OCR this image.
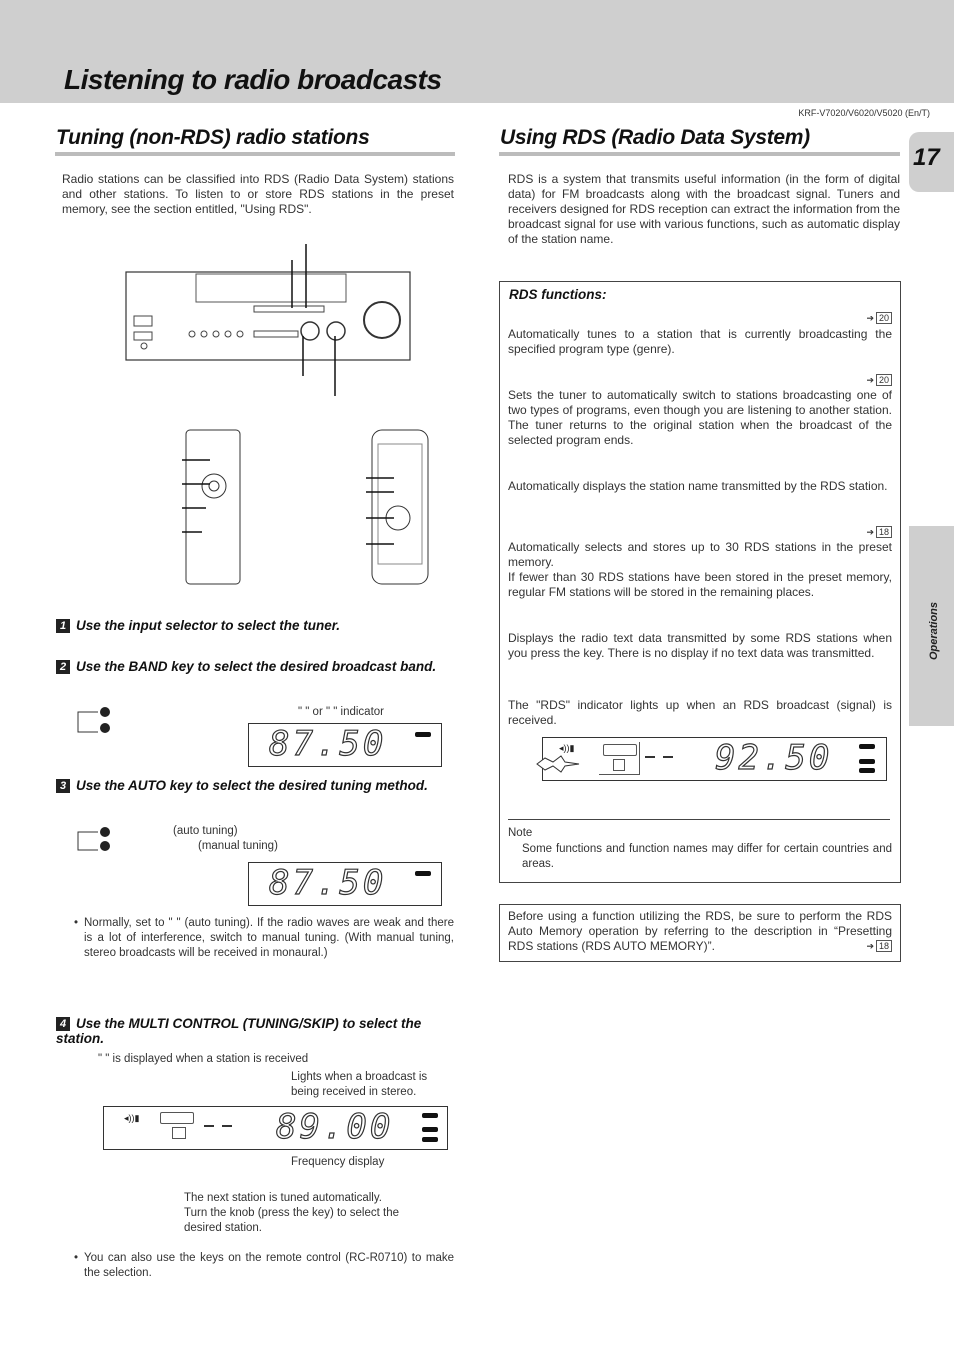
Listening to radio broadcasts
KRF-V7020/V6020/V5020 (En/T)
17
Operations
Tuning (non-RDS) radio stations
Radio stations can be classified into RDS (Radio Data System) stations and other stations. To listen to or store RDS stations in the preset memory, see the section entitled, "Using RDS".
1 Use the input selector to select the tuner.
2 Use the BAND key to select the desired broadcast band.
" " or " " indicator
87.50
3 Use the AUTO key to select the desired tuning method.
(auto tuning)
(manual tuning)
87.50
• Normally, set to " " (auto tuning). If the radio waves are weak and there is a lot of interference, switch to manual tuning. (With manual tuning, stereo broadcasts will be received in monaural.)
4 Use the MULTI CONTROL (TUNING/SKIP) to select the station.
" " is displayed when a station is received
Lights when a broadcast is being received in stereo.
◂))▮	89.00
Frequency display
The next station is tuned automatically.
Turn the knob (press the key) to select the desired station.
• You can also use the keys on the remote control (RC-R0710) to make the selection.
Using RDS (Radio Data System)
RDS is a system that transmits useful information (in the form of digital data) for FM broadcasts along with the broadcast signal. Tuners and receivers designed for RDS reception can extract the information from the broadcast signal for use with various functions, such as automatic display of the station name.
RDS functions:
➔ 20
Automatically tunes to a station that is currently broadcasting the specified program type (genre).
➔ 20
Sets the tuner to automatically switch to stations broadcasting one of two types of programs, even though you are listening to another station. The tuner returns to the original station when the broadcast of the selected program ends.
Automatically displays the station name transmitted by the RDS station.
➔ 18
Automatically selects and stores up to 30 RDS stations in the preset memory.
If fewer than 30 RDS stations have been stored in the preset memory, regular FM stations will be stored in the remaining places.
Displays the radio text data transmitted by some RDS stations when you press the key. There is no display if no text data was transmitted.
The "RDS" indicator lights up when an RDS broadcast (signal) is received.
◂))▮	92.50
Note
Some functions and function names may differ for certain countries and areas.
Before using a function utilizing the RDS, be sure to perform the RDS Auto Memory operation by referring to the description in “Presetting RDS stations (RDS AUTO MEMORY)”.	➔ 18
